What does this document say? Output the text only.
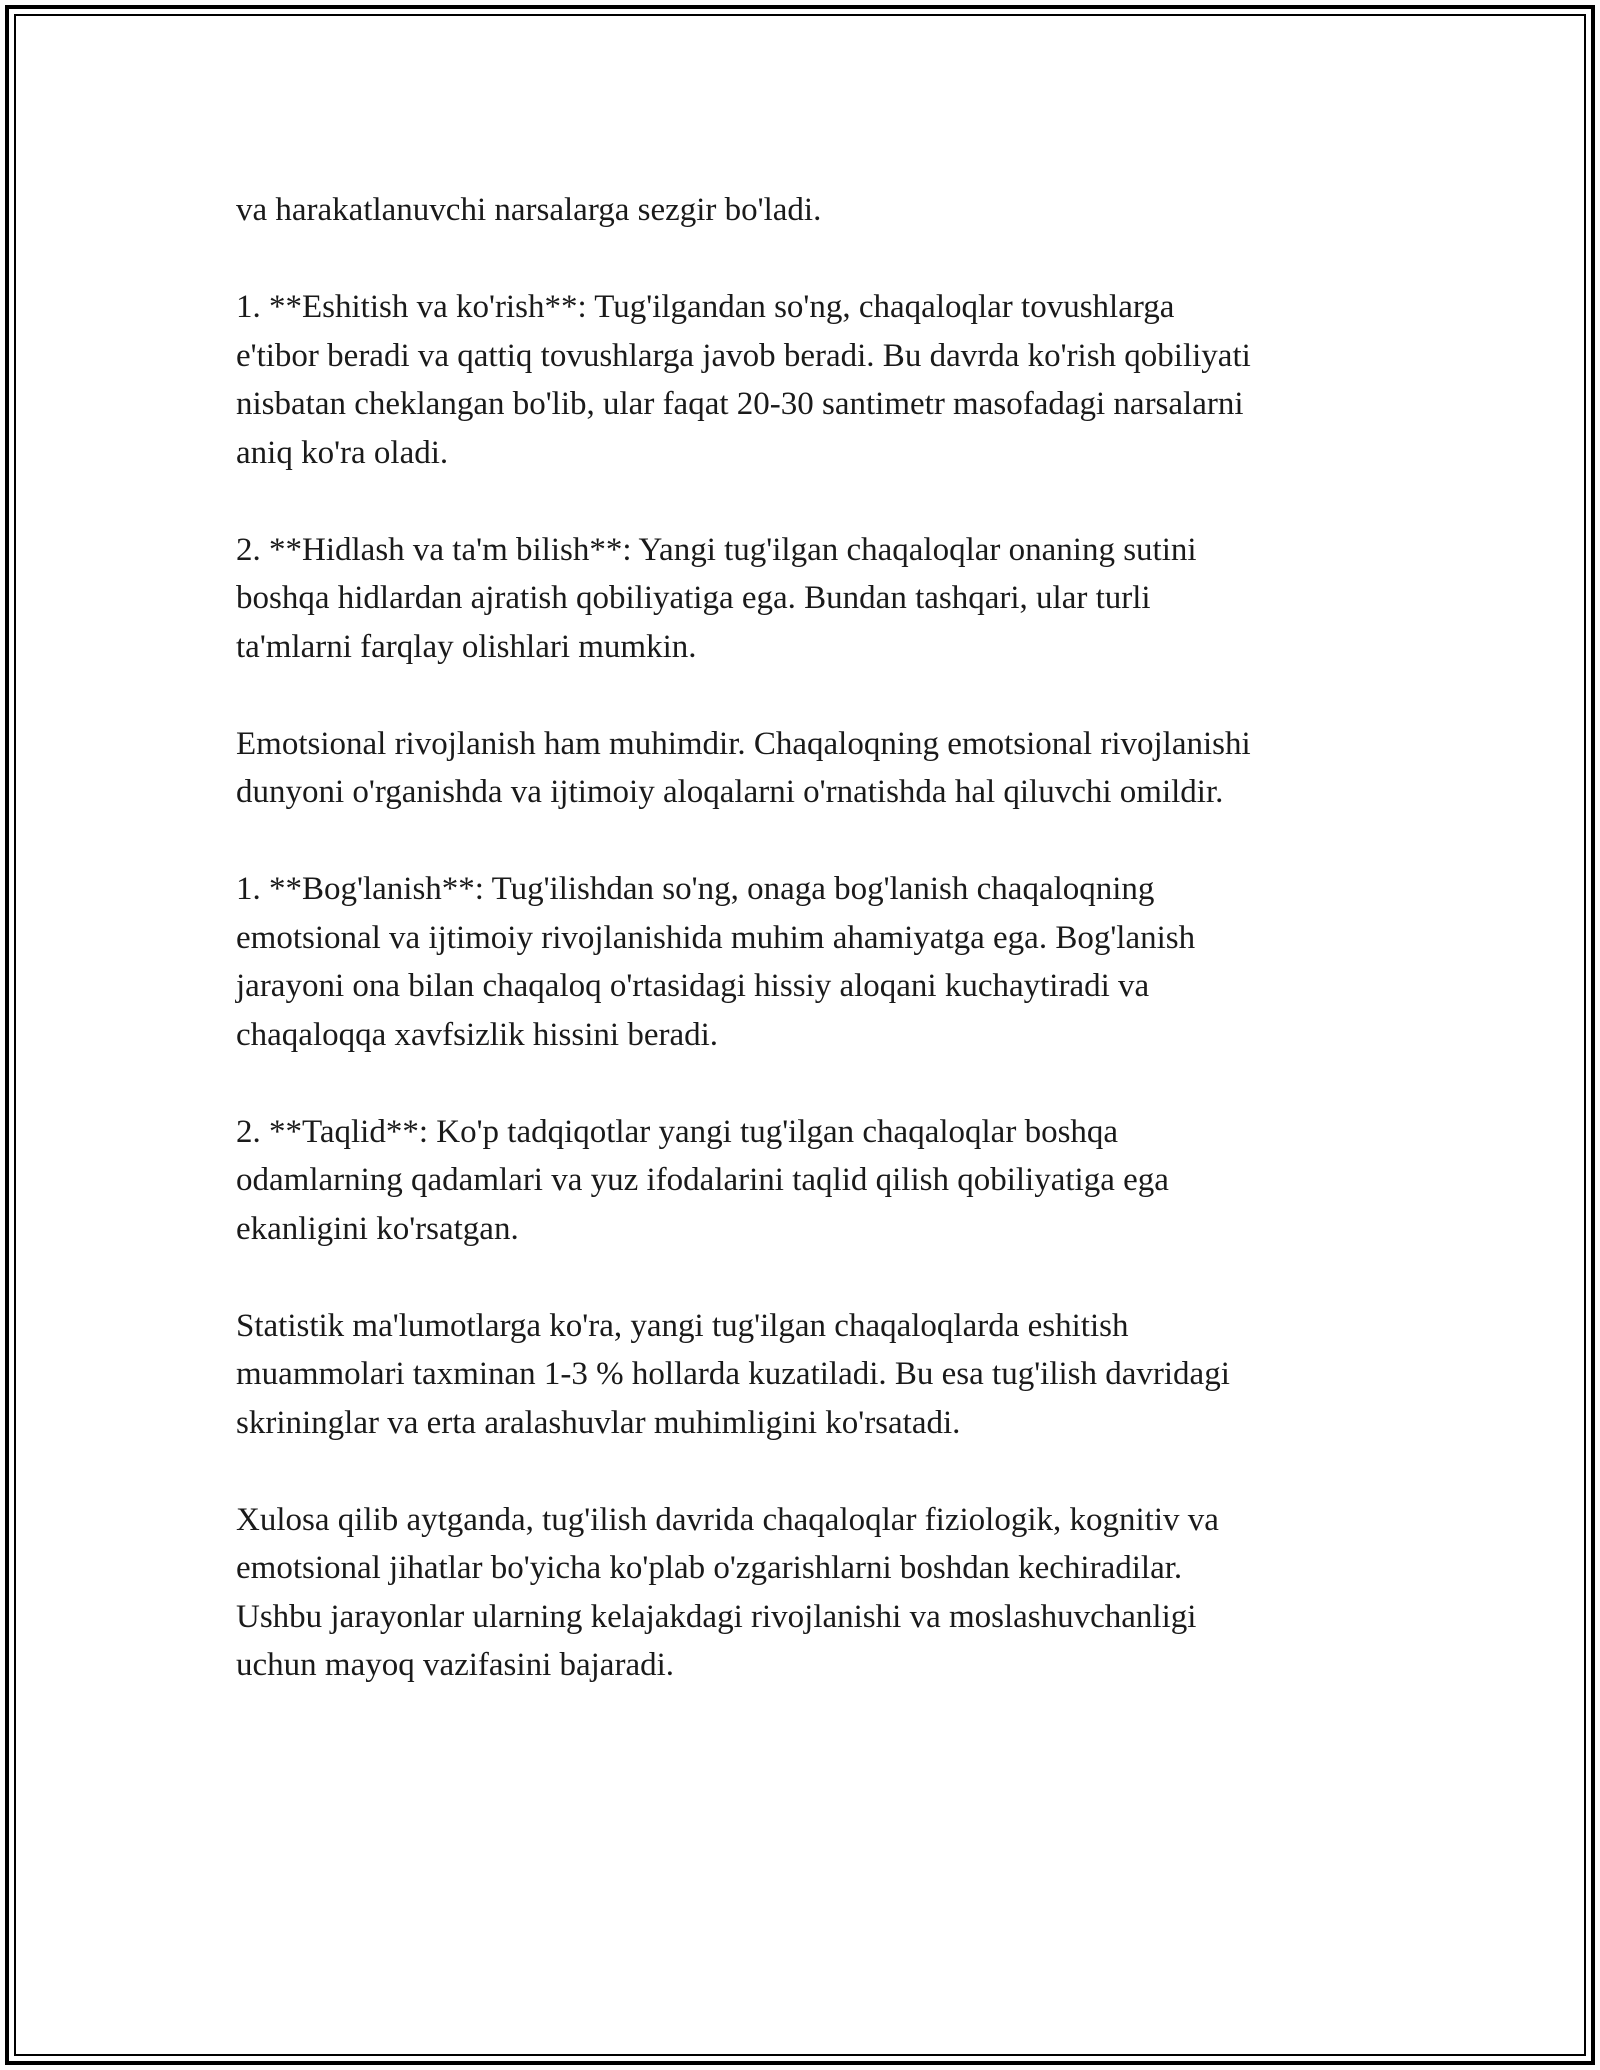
va harakatlanuvchi narsalarga sezgir bo'ladi.

1. **Eshitish va ko'rish**: Tug'ilgandan so'ng, chaqaloqlar tovushlarga
e'tibor beradi va qattiq tovushlarga javob beradi. Bu davrda ko'rish qobiliyati
nisbatan cheklangan bo'lib, ular faqat 20-30 santimetr masofadagi narsalarni
aniq ko'ra oladi.

2. **Hidlash va ta'm bilish**: Yangi tug'ilgan chaqaloqlar onaning sutini
boshqa hidlardan ajratish qobiliyatiga ega. Bundan tashqari, ular turli
ta'mlarni farqlay olishlari mumkin.

Emotsional rivojlanish ham muhimdir. Chaqaloqning emotsional rivojlanishi
dunyoni o'rganishda va ijtimoiy aloqalarni o'rnatishda hal qiluvchi omildir.

1. **Bog'lanish**: Tug'ilishdan so'ng, onaga bog'lanish chaqaloqning
emotsional va ijtimoiy rivojlanishida muhim ahamiyatga ega. Bog'lanish
jarayoni ona bilan chaqaloq o'rtasidagi hissiy aloqani kuchaytiradi va
chaqaloqqa xavfsizlik hissini beradi.

2. **Taqlid**: Ko'p tadqiqotlar yangi tug'ilgan chaqaloqlar boshqa
odamlarning qadamlari va yuz ifodalarini taqlid qilish qobiliyatiga ega
ekanligini ko'rsatgan.

Statistik ma'lumotlarga ko'ra, yangi tug'ilgan chaqaloqlarda eshitish
muammolari taxminan 1-3 % hollarda kuzatiladi. Bu esa tug'ilish davridagi
skrininglar va erta aralashuvlar muhimligini ko'rsatadi.

Xulosa qilib aytganda, tug'ilish davrida chaqaloqlar fiziologik, kognitiv va
emotsional jihatlar bo'yicha ko'plab o'zgarishlarni boshdan kechiradilar.
Ushbu jarayonlar ularning kelajakdagi rivojlanishi va moslashuvchanligi
uchun mayoq vazifasini bajaradi.
